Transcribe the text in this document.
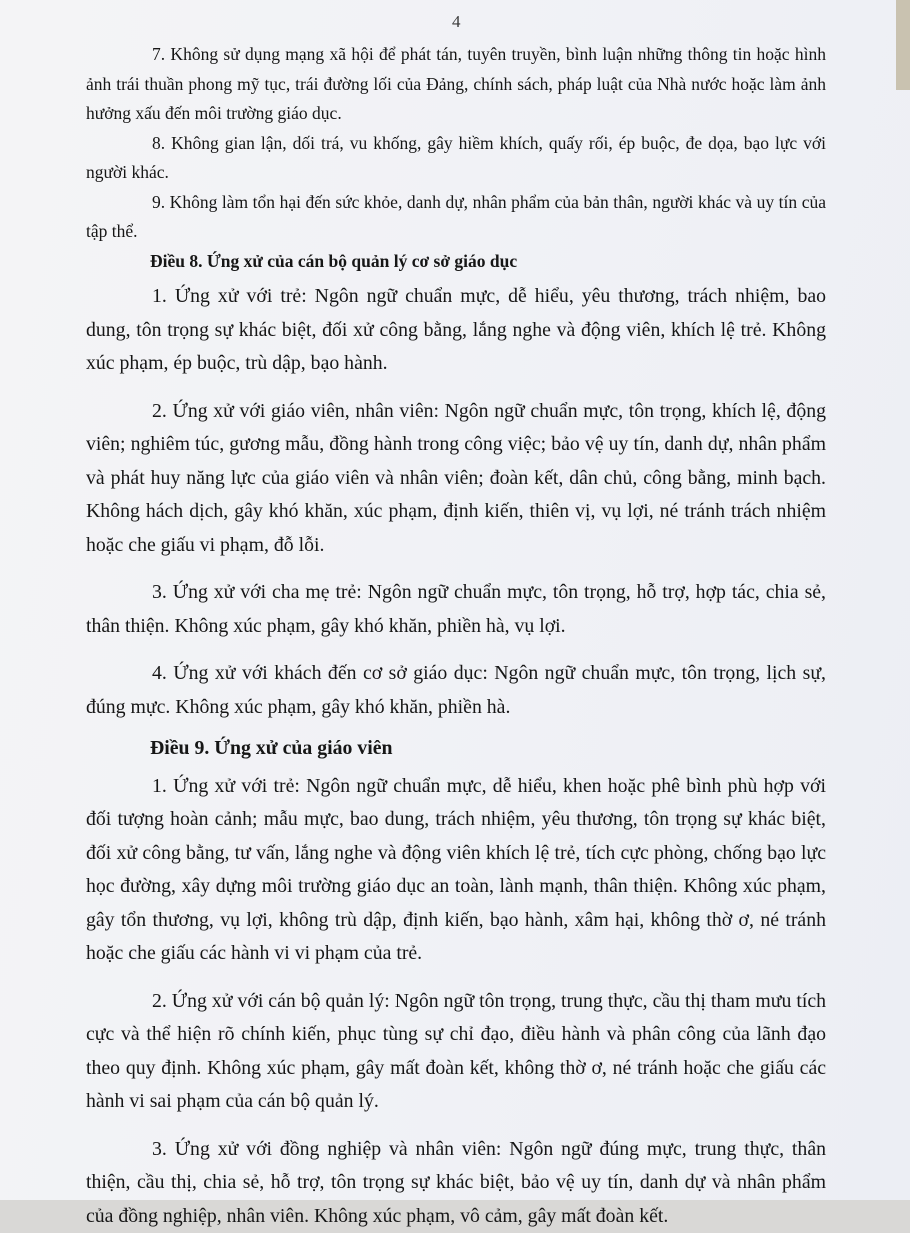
4

7. Không sử dụng mạng xã hội để phát tán, tuyên truyền, bình luận những thông tin hoặc hình ảnh trái thuần phong mỹ tục, trái đường lối của Đảng, chính sách, pháp luật của Nhà nước hoặc làm ảnh hưởng xấu đến môi trường giáo dục.

8. Không gian lận, dối trá, vu khống, gây hiềm khích, quấy rối, ép buộc, đe dọa, bạo lực với người khác.

9. Không làm tổn hại đến sức khỏe, danh dự, nhân phẩm của bản thân, người khác và uy tín của tập thể.

Điều 8. Ứng xử của cán bộ quản lý cơ sở giáo dục

1. Ứng xử với trẻ: Ngôn ngữ chuẩn mực, dễ hiểu, yêu thương, trách nhiệm, bao dung, tôn trọng sự khác biệt, đối xử công bằng, lắng nghe và động viên, khích lệ trẻ. Không xúc phạm, ép buộc, trù dập, bạo hành.

2. Ứng xử với giáo viên, nhân viên: Ngôn ngữ chuẩn mực, tôn trọng, khích lệ, động viên; nghiêm túc, gương mẫu, đồng hành trong công việc; bảo vệ uy tín, danh dự, nhân phẩm và phát huy năng lực của giáo viên và nhân viên; đoàn kết, dân chủ, công bằng, minh bạch. Không hách dịch, gây khó khăn, xúc phạm, định kiến, thiên vị, vụ lợi, né tránh trách nhiệm hoặc che giấu vi phạm, đỗ lỗi.

3. Ứng xử với cha mẹ trẻ: Ngôn ngữ chuẩn mực, tôn trọng, hỗ trợ, hợp tác, chia sẻ, thân thiện. Không xúc phạm, gây khó khăn, phiền hà, vụ lợi.

4. Ứng xử với khách đến cơ sở giáo dục: Ngôn ngữ chuẩn mực, tôn trọng, lịch sự, đúng mực. Không xúc phạm, gây khó khăn, phiền hà.

Điều 9. Ứng xử của giáo viên

1. Ứng xử với trẻ: Ngôn ngữ chuẩn mực, dễ hiểu, khen hoặc phê bình phù hợp với đối tượng hoàn cảnh; mẫu mực, bao dung, trách nhiệm, yêu thương, tôn trọng sự khác biệt, đối xử công bằng, tư vấn, lắng nghe và động viên khích lệ trẻ, tích cực phòng, chống bạo lực học đường, xây dựng môi trường giáo dục an toàn, lành mạnh, thân thiện. Không xúc phạm, gây tổn thương, vụ lợi, không trù dập, định kiến, bạo hành, xâm hại, không thờ ơ, né tránh hoặc che giấu các hành vi vi phạm của trẻ.

2. Ứng xử với cán bộ quản lý: Ngôn ngữ tôn trọng, trung thực, cầu thị tham mưu tích cực và thể hiện rõ chính kiến, phục tùng sự chỉ đạo, điều hành và phân công của lãnh đạo theo quy định. Không xúc phạm, gây mất đoàn kết, không thờ ơ, né tránh hoặc che giấu các hành vi sai phạm của cán bộ quản lý.

3. Ứng xử với đồng nghiệp và nhân viên: Ngôn ngữ đúng mực, trung thực, thân thiện, cầu thị, chia sẻ, hỗ trợ, tôn trọng sự khác biệt, bảo vệ uy tín, danh dự và nhân phẩm của đồng nghiệp, nhân viên. Không xúc phạm, vô cảm, gây mất đoàn kết.
